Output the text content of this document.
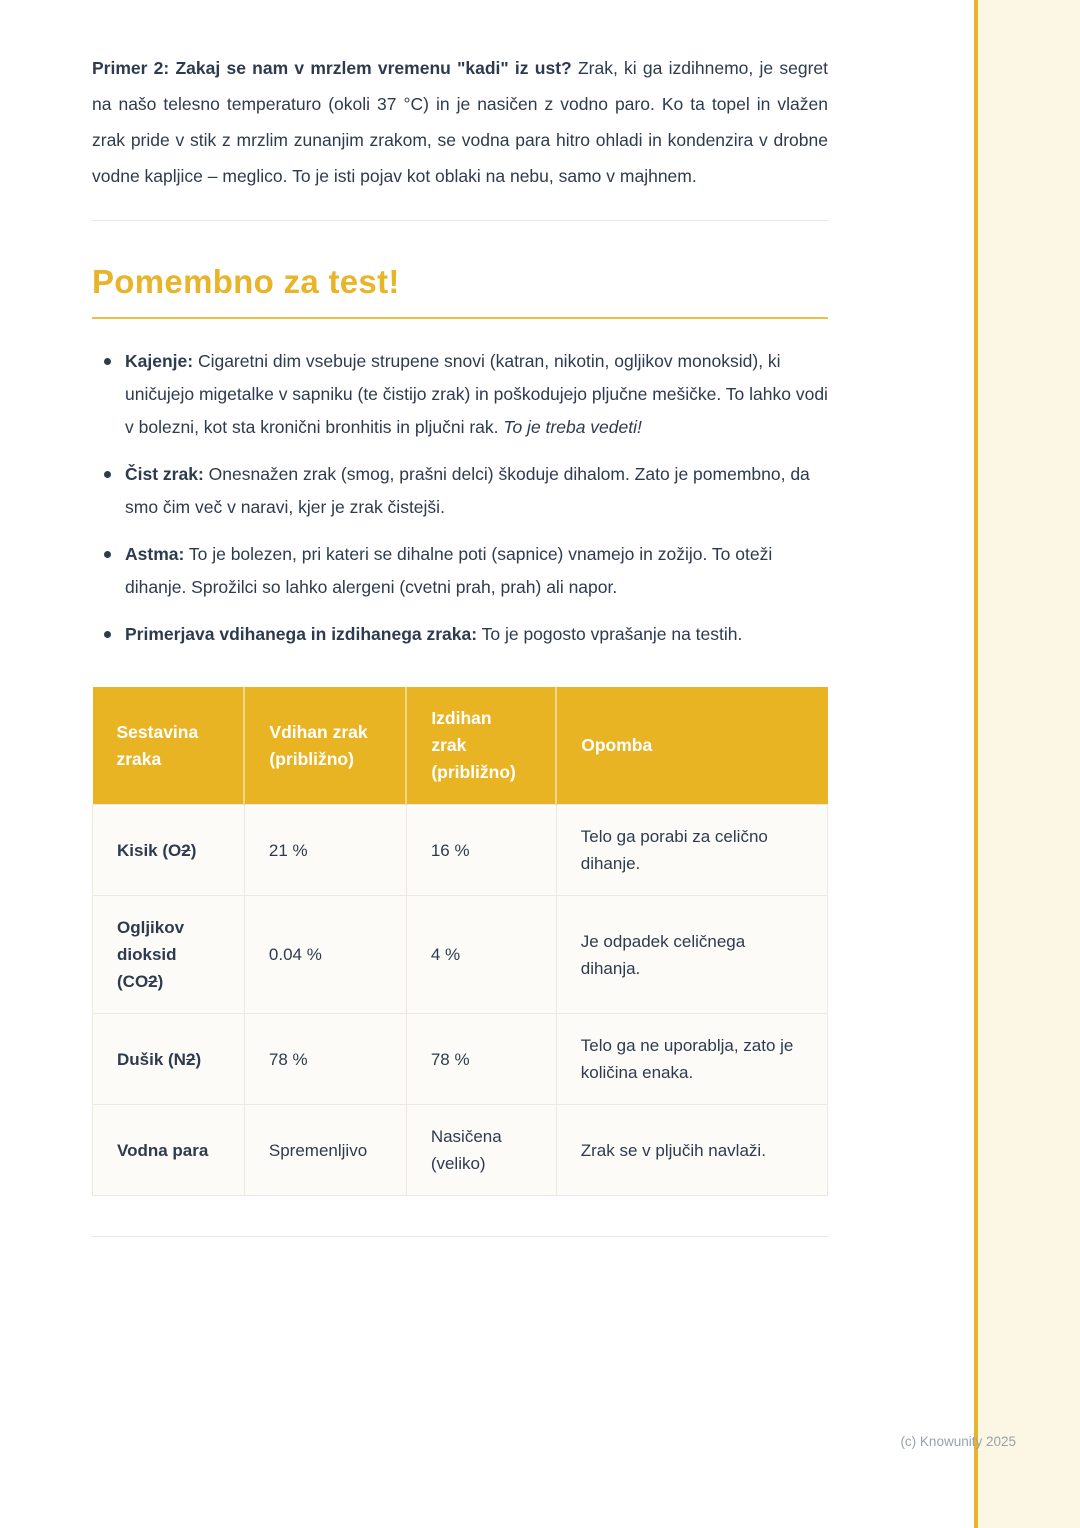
Primer 2: Zakaj se nam v mrzlem vremenu "kadi" iz ust? Zrak, ki ga izdihnemo, je segret na našo telesno temperaturo (okoli 37 °C) in je nasičen z vodno paro. Ko ta topel in vlažen zrak pride v stik z mrzlim zunanjim zrakom, se vodna para hitro ohladi in kondenzira v drobne vodne kapljice – meglico. To je isti pojav kot oblaki na nebu, samo v majhnem.

Pomembno za test!
Kajenje: Cigaretni dim vsebuje strupene snovi (katran, nikotin, ogljikov monoksid), ki uničujejo migetalke v sapniku (te čistijo zrak) in poškodujejo pljučne mešičke. To lahko vodi v bolezni, kot sta kronični bronhitis in pljučni rak. To je treba vedeti!
Čist zrak: Onesnažen zrak (smog, prašni delci) škoduje dihalom. Zato je pomembno, da smo čim več v naravi, kjer je zrak čistejši.
Astma: To je bolezen, pri kateri se dihalne poti (sapnice) vnamejo in zožijo. To oteži dihanje. Sprožilci so lahko alergeni (cvetni prah, prah) ali napor.
Primerjava vdihanega in izdihanega zraka: To je pogosto vprašanje na testih.
Sestavina zraka	Vdihan zrak (približno)	Izdihan zrak (približno)	Opomba
Kisik (O2)	21 %	16 %	Telo ga porabi za celično dihanje.
Ogljikov dioksid (CO2)	0.04 %	4 %	Je odpadek celičnega dihanja.
Dušik (N2)	78 %	78 %	Telo ga ne uporablja, zato je količina enaka.
Vodna para	Spremenljivo	Nasičena (veliko)	Zrak se v pljučih navlaži.
(c) Knowunity 2025
